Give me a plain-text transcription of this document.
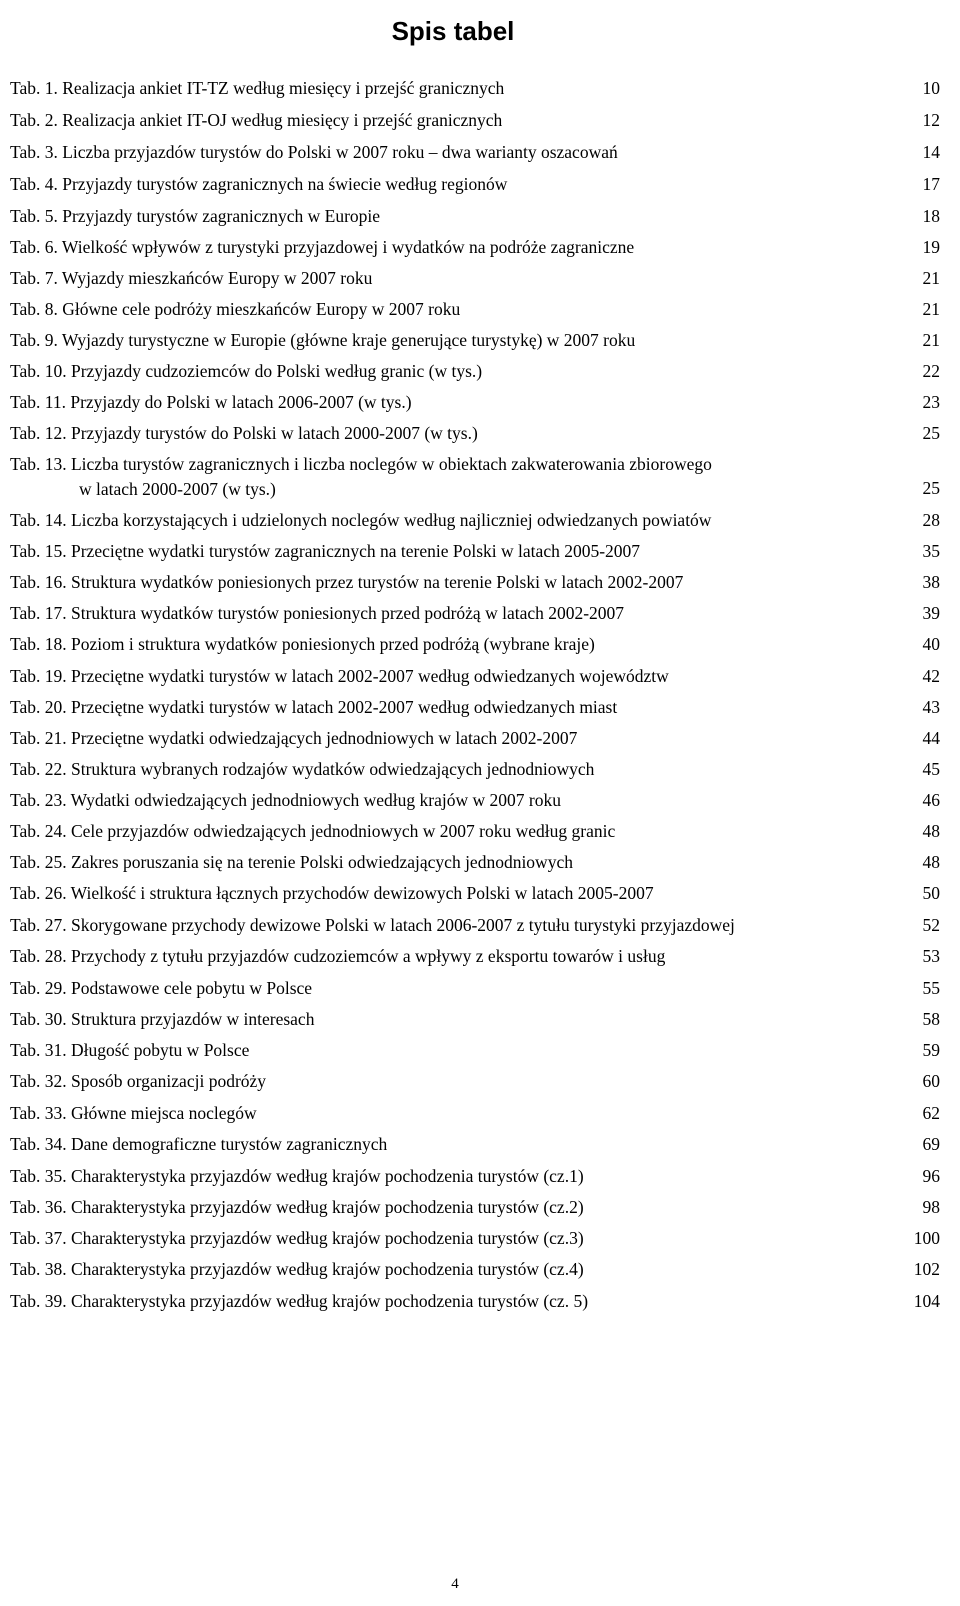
Spis tabel
Tab. 1. Realizacja ankiet IT-TZ według miesięcy i przejść granicznych	10
Tab. 2. Realizacja ankiet IT-OJ według miesięcy i przejść granicznych	12
Tab. 3. Liczba przyjazdów turystów do Polski w 2007 roku – dwa warianty oszacowań	14
Tab. 4. Przyjazdy turystów zagranicznych na świecie według regionów	17
Tab. 5. Przyjazdy turystów zagranicznych w Europie	18
Tab. 6. Wielkość wpływów z turystyki przyjazdowej i wydatków na podróże zagraniczne	19
Tab. 7. Wyjazdy mieszkańców Europy w 2007 roku	21
Tab. 8. Główne cele podróży mieszkańców Europy w 2007 roku	21
Tab. 9. Wyjazdy turystyczne w Europie (główne kraje generujące turystykę) w 2007 roku	21
Tab. 10. Przyjazdy cudzoziemców do Polski według granic (w tys.)	22
Tab. 11. Przyjazdy do Polski w latach 2006-2007 (w tys.)	23
Tab. 12. Przyjazdy turystów do Polski w latach 2000-2007 (w tys.)	25
Tab. 13. Liczba turystów zagranicznych i liczba noclegów w obiektach zakwaterowania zbiorowego
w latach 2000-2007 (w tys.)	25
Tab. 14. Liczba korzystających i udzielonych noclegów według najliczniej odwiedzanych powiatów	28
Tab. 15. Przeciętne wydatki turystów zagranicznych na terenie Polski w latach 2005-2007	35
Tab. 16. Struktura wydatków poniesionych przez turystów na terenie Polski w latach 2002-2007	38
Tab. 17. Struktura wydatków turystów poniesionych przed podróżą w latach 2002-2007	39
Tab. 18. Poziom i struktura wydatków poniesionych przed podróżą (wybrane kraje)	40
Tab. 19. Przeciętne wydatki turystów w latach 2002-2007 według odwiedzanych województw	42
Tab. 20. Przeciętne wydatki turystów w latach 2002-2007 według odwiedzanych miast	43
Tab. 21. Przeciętne wydatki odwiedzających jednodniowych w latach 2002-2007	44
Tab. 22. Struktura wybranych rodzajów wydatków odwiedzających jednodniowych	45
Tab. 23. Wydatki odwiedzających jednodniowych według krajów w 2007 roku	46
Tab. 24. Cele przyjazdów odwiedzających jednodniowych w 2007 roku według granic	48
Tab. 25. Zakres poruszania się na terenie Polski odwiedzających jednodniowych	48
Tab. 26. Wielkość i struktura łącznych przychodów dewizowych Polski w latach 2005-2007	50
Tab. 27. Skorygowane przychody dewizowe Polski w latach 2006-2007 z tytułu turystyki przyjazdowej	52
Tab. 28. Przychody z tytułu przyjazdów cudzoziemców a wpływy z eksportu towarów i usług	53
Tab. 29. Podstawowe cele pobytu w Polsce	55
Tab. 30. Struktura przyjazdów w interesach	58
Tab. 31. Długość pobytu w Polsce	59
Tab. 32. Sposób organizacji podróży	60
Tab. 33. Główne miejsca noclegów	62
Tab. 34. Dane demograficzne turystów zagranicznych	69
Tab. 35. Charakterystyka przyjazdów według krajów pochodzenia turystów (cz.1)	96
Tab. 36. Charakterystyka przyjazdów według krajów pochodzenia turystów (cz.2)	98
Tab. 37. Charakterystyka przyjazdów według krajów pochodzenia turystów (cz.3)	100
Tab. 38. Charakterystyka przyjazdów według krajów pochodzenia turystów (cz.4)	102
Tab. 39. Charakterystyka przyjazdów według krajów pochodzenia turystów (cz. 5)	104
4
